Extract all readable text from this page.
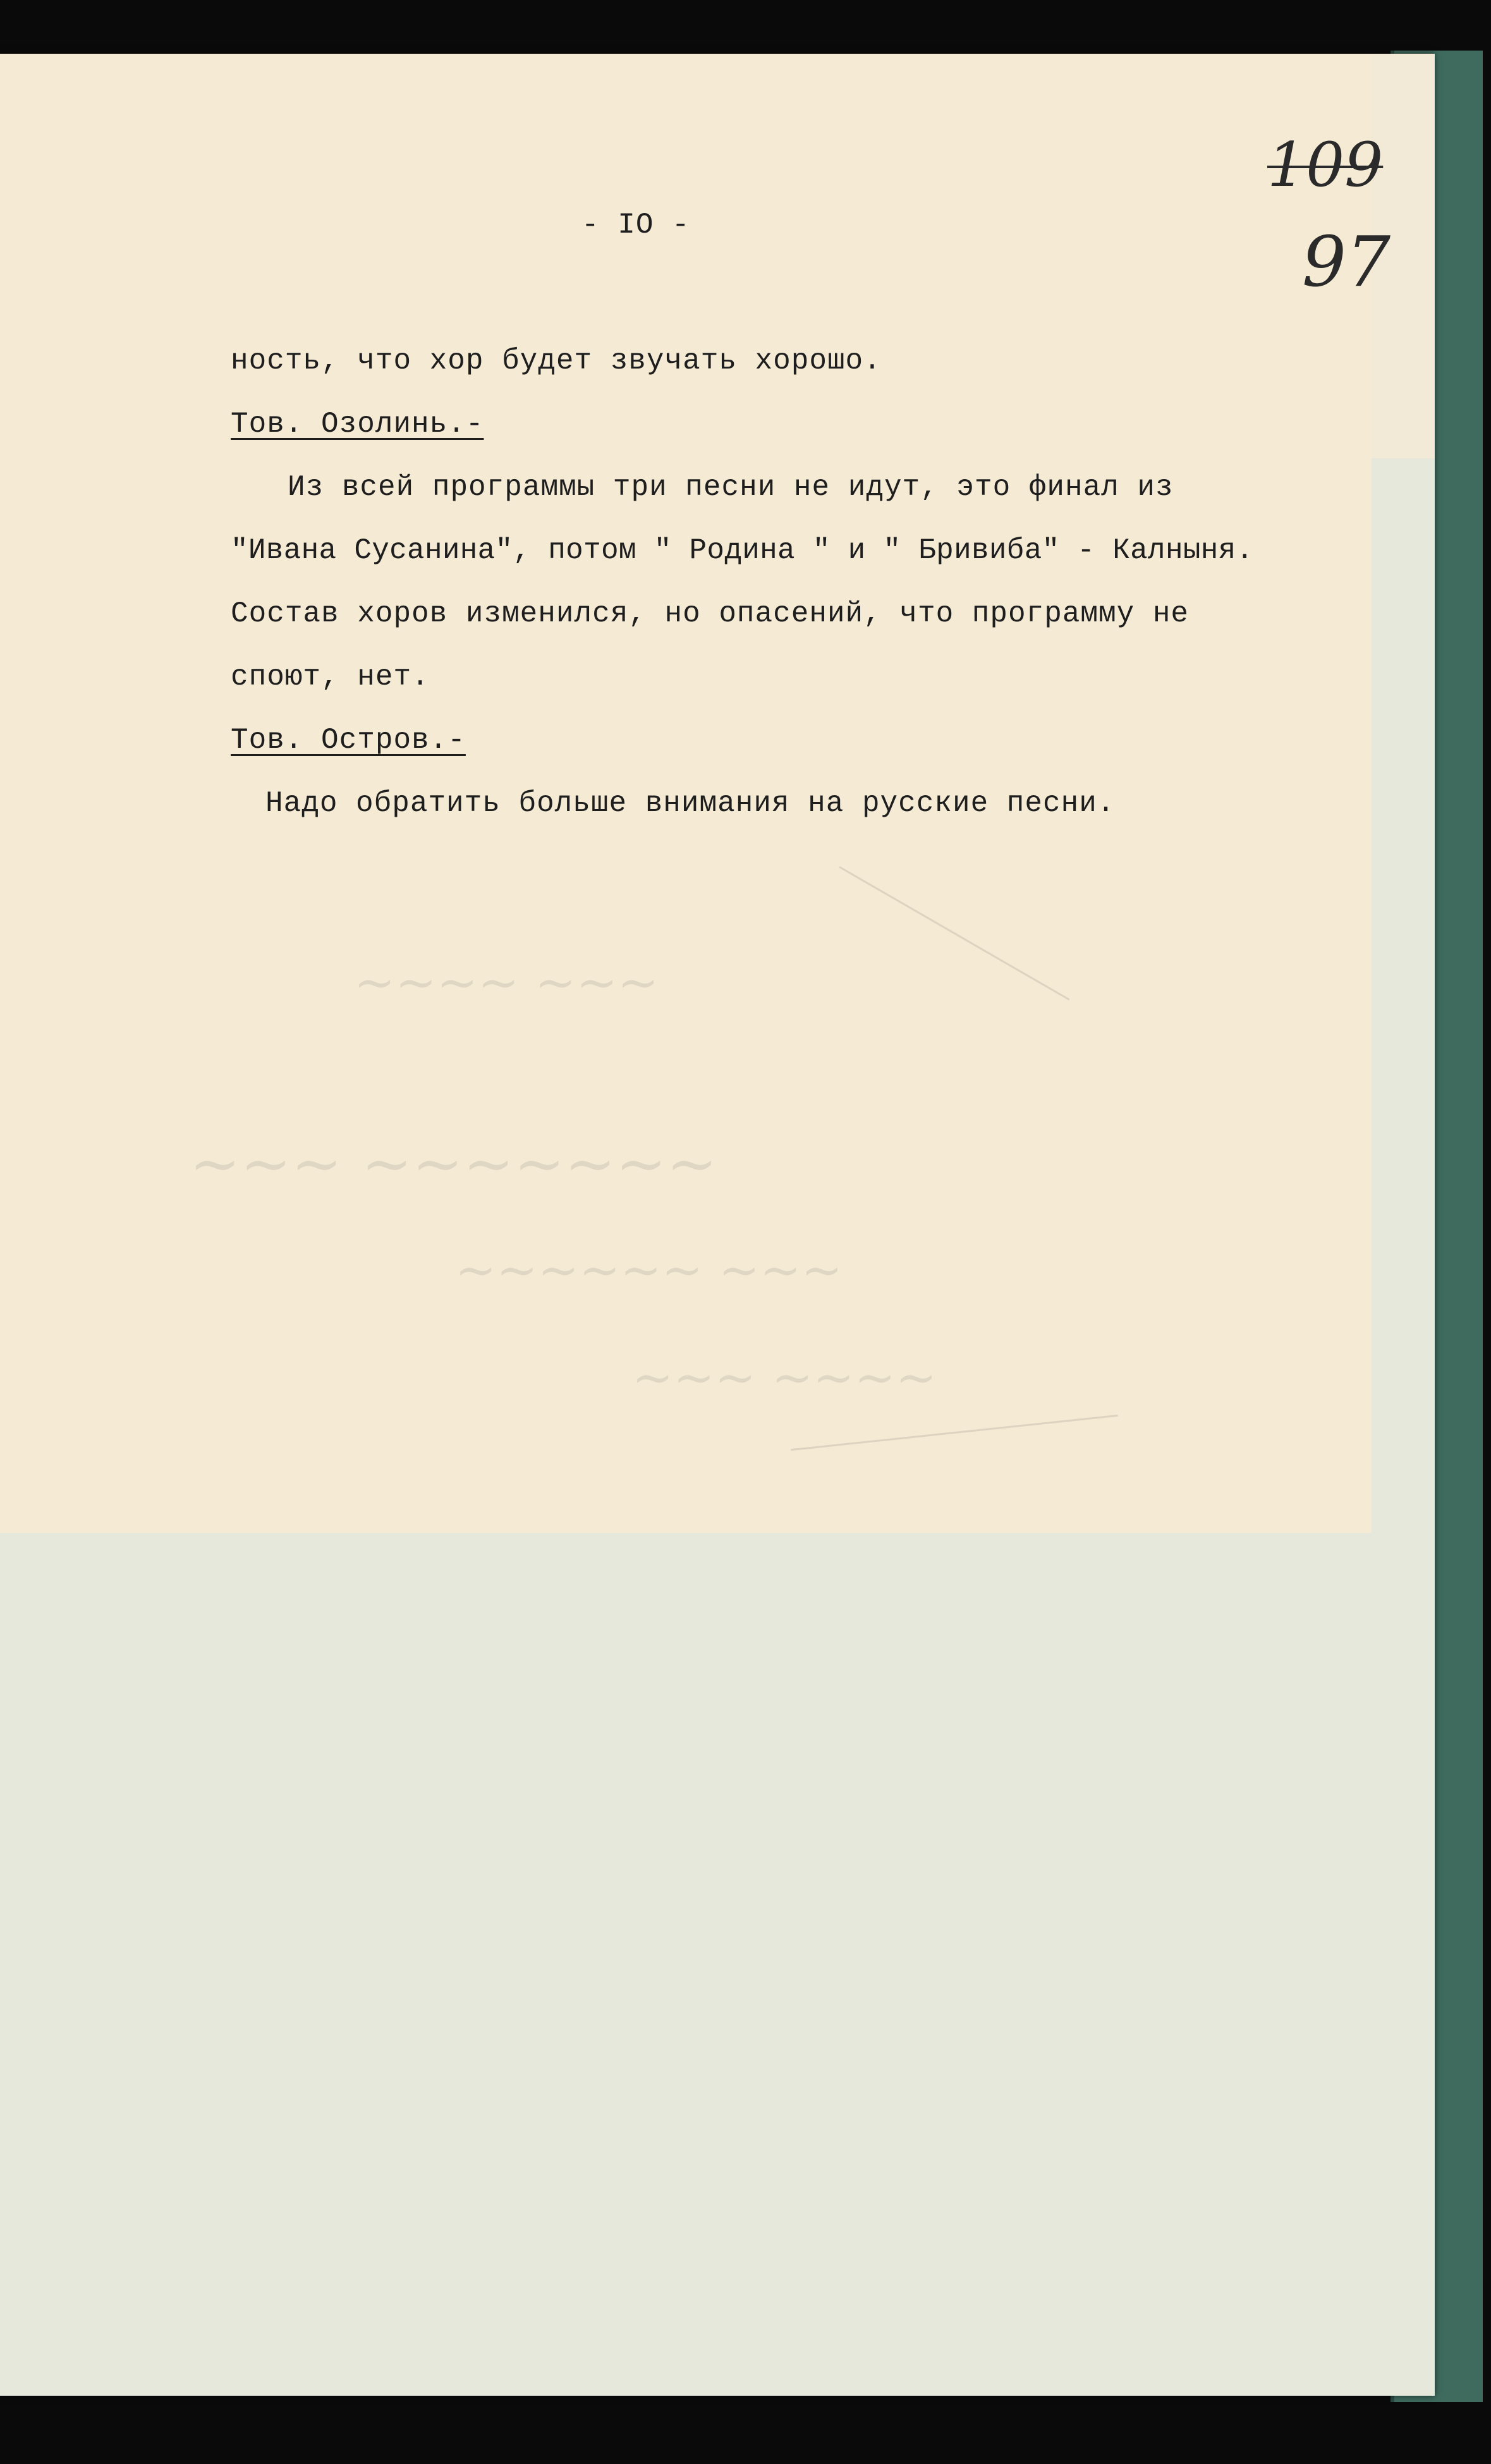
~~~~ ~~~
~~~ ~~~~~~~
~~~~~~ ~~~
~~~ ~~~~
- IO -
109
97
ность, что хор будет звучать хорошо.
Тов. Озолинь.-
Из всей программы три песни не идут, это финал из
"Ивана Сусанина", потом " Родина " и " Бривиба" - Калныня.
Состав хоров изменился, но опасений, что программу не
споют, нет.
Тов. Остров.-
Надо обратить больше внимания на русские песни.
